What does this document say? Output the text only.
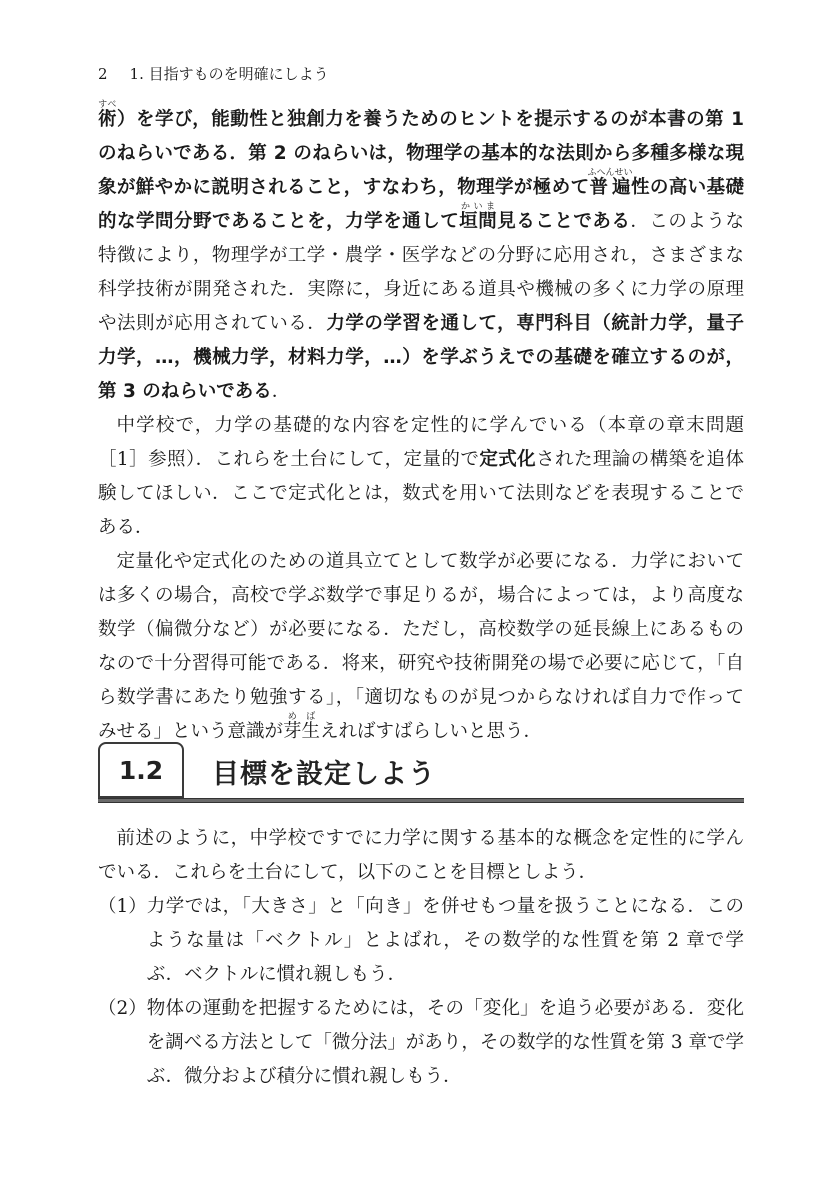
2 1. 目指すものを明確にしよう

術すべ）を学び，能動性と独創力を養うためのヒントを提示するのが本書の第 1 のねらいである．第 2 のねらいは，物理学の基本的な法則から多種多様な現象が鮮やかに説明されること，すなわち，物理学が極めて普遍ふへんせい性の高い基礎的な学問分野であることを，力学を通して垣間かいま見ることである．このような特徴により，物理学が工学・農学・医学などの分野に応用され，さまざまな科学技術が開発された．実際に，身近にある道具や機械の多くに力学の原理や法則が応用されている．力学の学習を通して，専門科目（統計力学，量子力学，…，機械力学，材料力学，…）を学ぶうえでの基礎を確立するのが，第 3 のねらいである．

中学校で，力学の基礎的な内容を定性的に学んでいる（本章の章末問題［1］参照）．これらを土台にして，定量的で定式化された理論の構築を追体験してほしい．ここで定式化とは，数式を用いて法則などを表現することである．

定量化や定式化のための道具立てとして数学が必要になる．力学においては多くの場合，高校で学ぶ数学で事足りるが，場合によっては，より高度な数学（偏微分など）が必要になる．ただし，高校数学の延長線上にあるものなので十分習得可能である．将来，研究や技術開発の場で必要に応じて，「自ら数学書にあたり勉強する」，「適切なものが見つからなければ自力で作ってみせる」という意識が芽生めばえればすばらしいと思う．

1.2	目標を設定しよう

前述のように，中学校ですでに力学に関する基本的な概念を定性的に学んでいる．これらを土台にして，以下のことを目標としよう．

（1） 力学では，「大きさ」と「向き」を併せもつ量を扱うことになる．このような量は「ベクトル」とよばれ，その数学的な性質を第 2 章で学ぶ．ベクトルに慣れ親しもう．
（2） 物体の運動を把握するためには，その「変化」を追う必要がある．変化を調べる方法として「微分法」があり，その数学的な性質を第 3 章で学ぶ．微分および積分に慣れ親しもう．
